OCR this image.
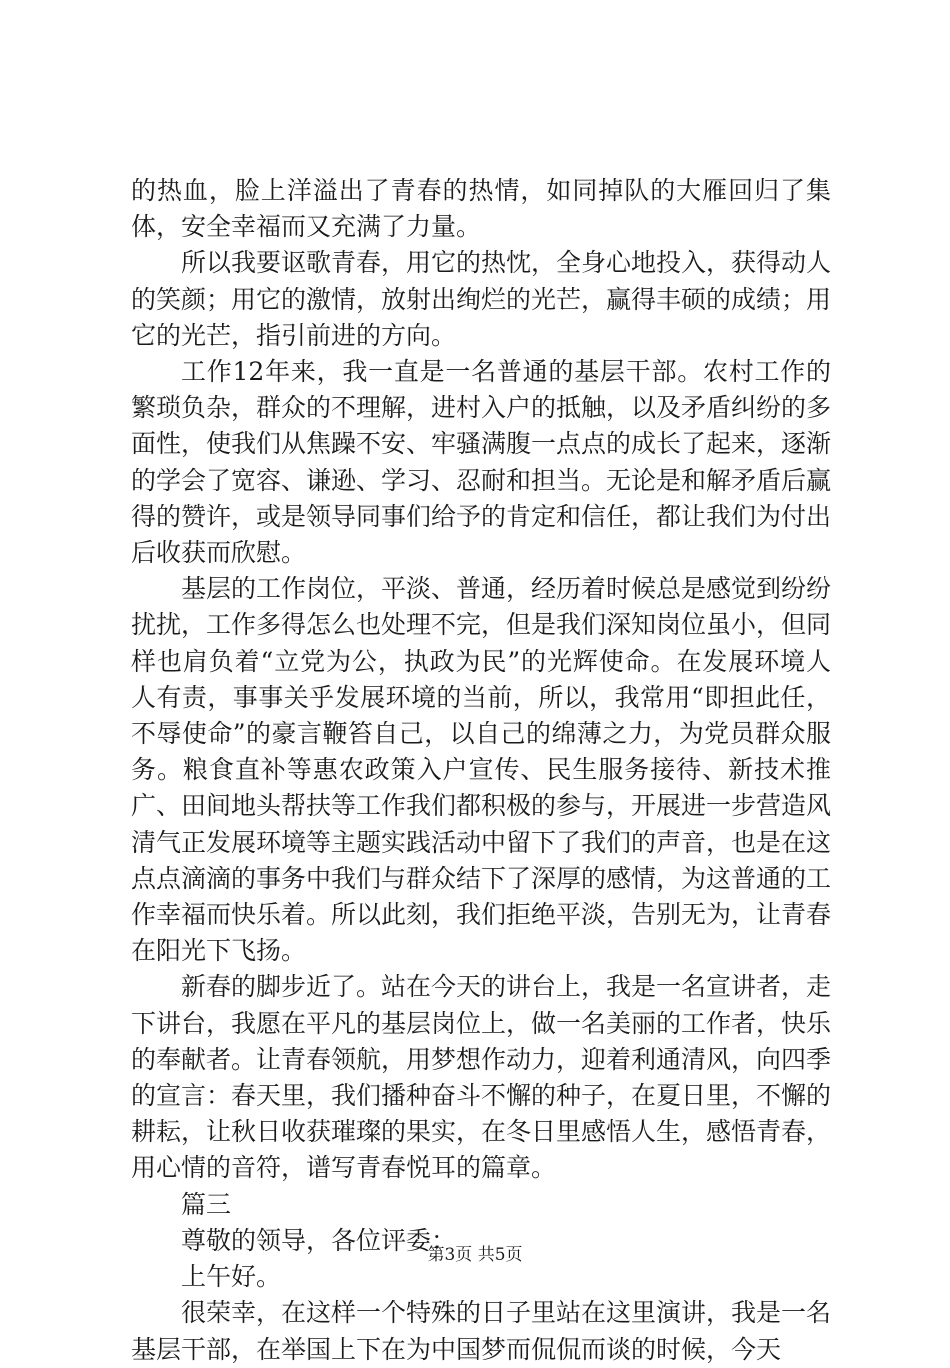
的热血，脸上洋溢出了青春的热情，如同掉队的大雁回归了集体，安全幸福而又充满了力量。

所以我要讴歌青春，用它的热忱，全身心地投入，获得动人的笑颜；用它的激情，放射出绚烂的光芒，赢得丰硕的成绩；用它的光芒，指引前进的方向。

工作12年来，我一直是一名普通的基层干部。农村工作的繁琐负杂，群众的不理解，进村入户的抵触，以及矛盾纠纷的多面性，使我们从焦躁不安、牢骚满腹一点点的成长了起来，逐渐的学会了宽容、谦逊、学习、忍耐和担当。无论是和解矛盾后赢得的赞许，或是领导同事们给予的肯定和信任，都让我们为付出后收获而欣慰。

基层的工作岗位，平淡、普通，经历着时候总是感觉到纷纷扰扰，工作多得怎么也处理不完，但是我们深知岗位虽小，但同样也肩负着“立党为公，执政为民”的光辉使命。在发展环境人人有责，事事关乎发展环境的当前，所以，我常用“即担此任，不辱使命”的豪言鞭笞自己，以自己的绵薄之力，为党员群众服务。粮食直补等惠农政策入户宣传、民生服务接待、新技术推广、田间地头帮扶等工作我们都积极的参与，开展进一步营造风清气正发展环境等主题实践活动中留下了我们的声音，也是在这点点滴滴的事务中我们与群众结下了深厚的感情，为这普通的工作幸福而快乐着。所以此刻，我们拒绝平淡，告别无为，让青春在阳光下飞扬。

新春的脚步近了。站在今天的讲台上，我是一名宣讲者，走下讲台，我愿在平凡的基层岗位上，做一名美丽的工作者，快乐的奉献者。让青春领航，用梦想作动力，迎着利通清风，向四季的宣言：春天里，我们播种奋斗不懈的种子，在夏日里，不懈的耕耘，让秋日收获璀璨的果实，在冬日里感悟人生，感悟青春，用心情的音符，谱写青春悦耳的篇章。

篇三

尊敬的领导，各位评委：

上午好。

很荣幸，在这样一个特殊的日子里站在这里演讲，我是一名基层干部，在举国上下在为中国梦而侃侃而谈的时候，今天

第3页 共5页
